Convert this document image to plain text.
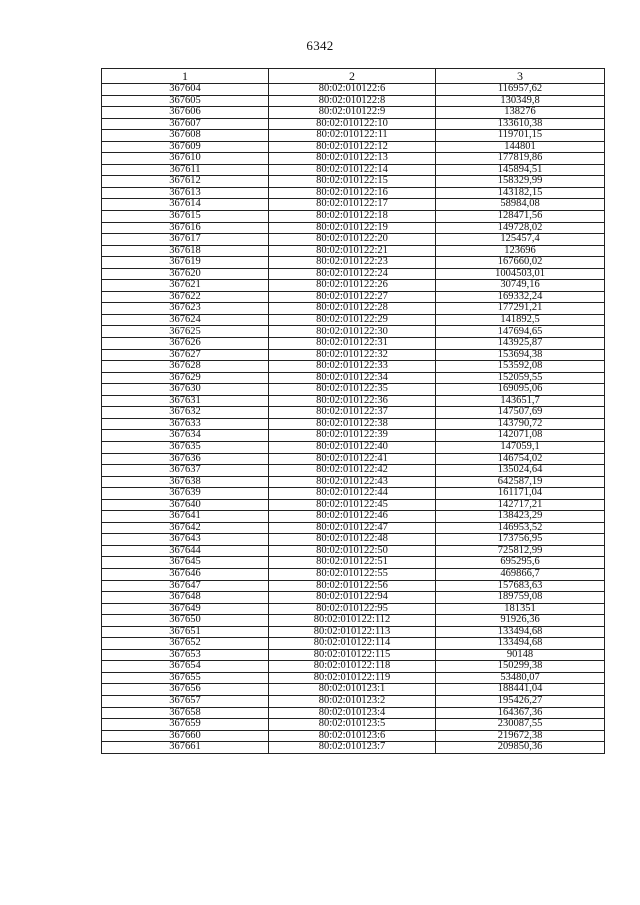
6342
1	2	3
367604	80:02:010122:6	116957,62
367605	80:02:010122:8	130349,8
367606	80:02:010122:9	138276
367607	80:02:010122:10	133610,38
367608	80:02:010122:11	119701,15
367609	80:02:010122:12	144801
367610	80:02:010122:13	177819,86
367611	80:02:010122:14	145894,51
367612	80:02:010122:15	158329,99
367613	80:02:010122:16	143182,15
367614	80:02:010122:17	58984,08
367615	80:02:010122:18	128471,56
367616	80:02:010122:19	149728,02
367617	80:02:010122:20	125457,4
367618	80:02:010122:21	123696
367619	80:02:010122:23	167660,02
367620	80:02:010122:24	1004503,01
367621	80:02:010122:26	30749,16
367622	80:02:010122:27	169332,24
367623	80:02:010122:28	177291,21
367624	80:02:010122:29	141892,5
367625	80:02:010122:30	147694,65
367626	80:02:010122:31	143925,87
367627	80:02:010122:32	153694,38
367628	80:02:010122:33	153592,08
367629	80:02:010122:34	152059,55
367630	80:02:010122:35	169095,06
367631	80:02:010122:36	143651,7
367632	80:02:010122:37	147507,69
367633	80:02:010122:38	143790,72
367634	80:02:010122:39	142071,08
367635	80:02:010122:40	147059,1
367636	80:02:010122:41	146754,02
367637	80:02:010122:42	135024,64
367638	80:02:010122:43	642587,19
367639	80:02:010122:44	161171,04
367640	80:02:010122:45	142717,21
367641	80:02:010122:46	138423,29
367642	80:02:010122:47	146953,52
367643	80:02:010122:48	173756,95
367644	80:02:010122:50	725812,99
367645	80:02:010122:51	695295,6
367646	80:02:010122:55	469866,7
367647	80:02:010122:56	157683,63
367648	80:02:010122:94	189759,08
367649	80:02:010122:95	181351
367650	80:02:010122:112	91926,36
367651	80:02:010122:113	133494,68
367652	80:02:010122:114	133494,68
367653	80:02:010122:115	90148
367654	80:02:010122:118	150299,38
367655	80:02:010122:119	53480,07
367656	80:02:010123:1	188441,04
367657	80:02:010123:2	195426,27
367658	80:02:010123:4	164367,36
367659	80:02:010123:5	230087,55
367660	80:02:010123:6	219672,38
367661	80:02:010123:7	209850,36
